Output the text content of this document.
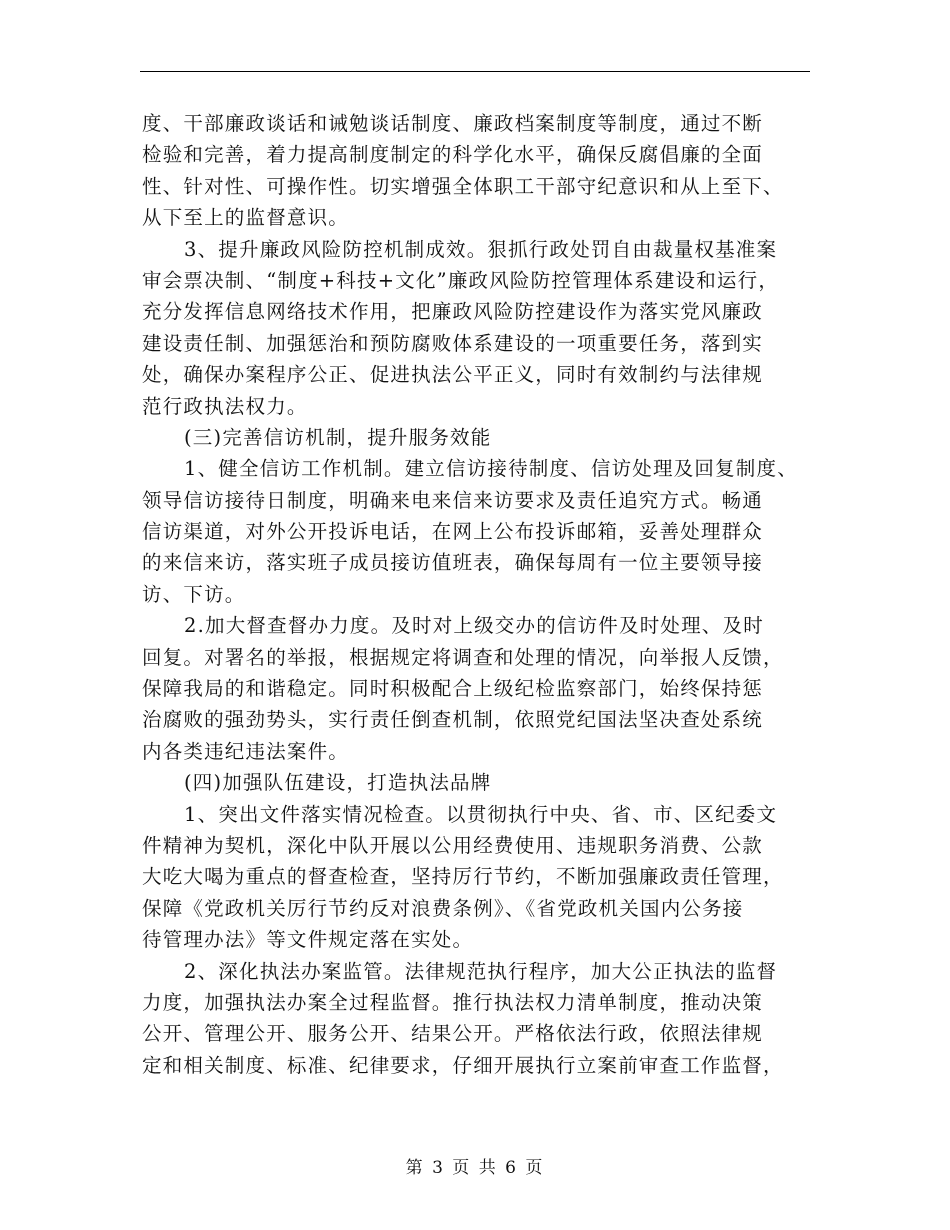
度、干部廉政谈话和诫勉谈话制度、廉政档案制度等制度，通过不断
检验和完善，着力提高制度制定的科学化水平，确保反腐倡廉的全面
性、针对性、可操作性。切实增强全体职工干部守纪意识和从上至下、
从下至上的监督意识。
3、提升廉政风险防控机制成效。狠抓行政处罚自由裁量权基准案
审会票决制、“制度+科技+文化”廉政风险防控管理体系建设和运行，
充分发挥信息网络技术作用，把廉政风险防控建设作为落实党风廉政
建设责任制、加强惩治和预防腐败体系建设的一项重要任务，落到实
处，确保办案程序公正、促进执法公平正义，同时有效制约与法律规
范行政执法权力。
(三)完善信访机制，提升服务效能
1、健全信访工作机制。建立信访接待制度、信访处理及回复制度、
领导信访接待日制度，明确来电来信来访要求及责任追究方式。畅通
信访渠道，对外公开投诉电话，在网上公布投诉邮箱，妥善处理群众
的来信来访，落实班子成员接访值班表，确保每周有一位主要领导接
访、下访。
2.加大督查督办力度。及时对上级交办的信访件及时处理、及时
回复。对署名的举报，根据规定将调查和处理的情况，向举报人反馈，
保障我局的和谐稳定。同时积极配合上级纪检监察部门，始终保持惩
治腐败的强劲势头，实行责任倒查机制，依照党纪国法坚决查处系统
内各类违纪违法案件。
(四)加强队伍建设，打造执法品牌
1、突出文件落实情况检查。以贯彻执行中央、省、市、区纪委文
件精神为契机，深化中队开展以公用经费使用、违规职务消费、公款
大吃大喝为重点的督查检查，坚持厉行节约，不断加强廉政责任管理，
保障《党政机关厉行节约反对浪费条例》、《省党政机关国内公务接
待管理办法》等文件规定落在实处。
2、深化执法办案监管。法律规范执行程序，加大公正执法的监督
力度，加强执法办案全过程监督。推行执法权力清单制度，推动决策
公开、管理公开、服务公开、结果公开。严格依法行政，依照法律规
定和相关制度、标准、纪律要求，仔细开展执行立案前审查工作监督，
第 3 页 共 6 页
